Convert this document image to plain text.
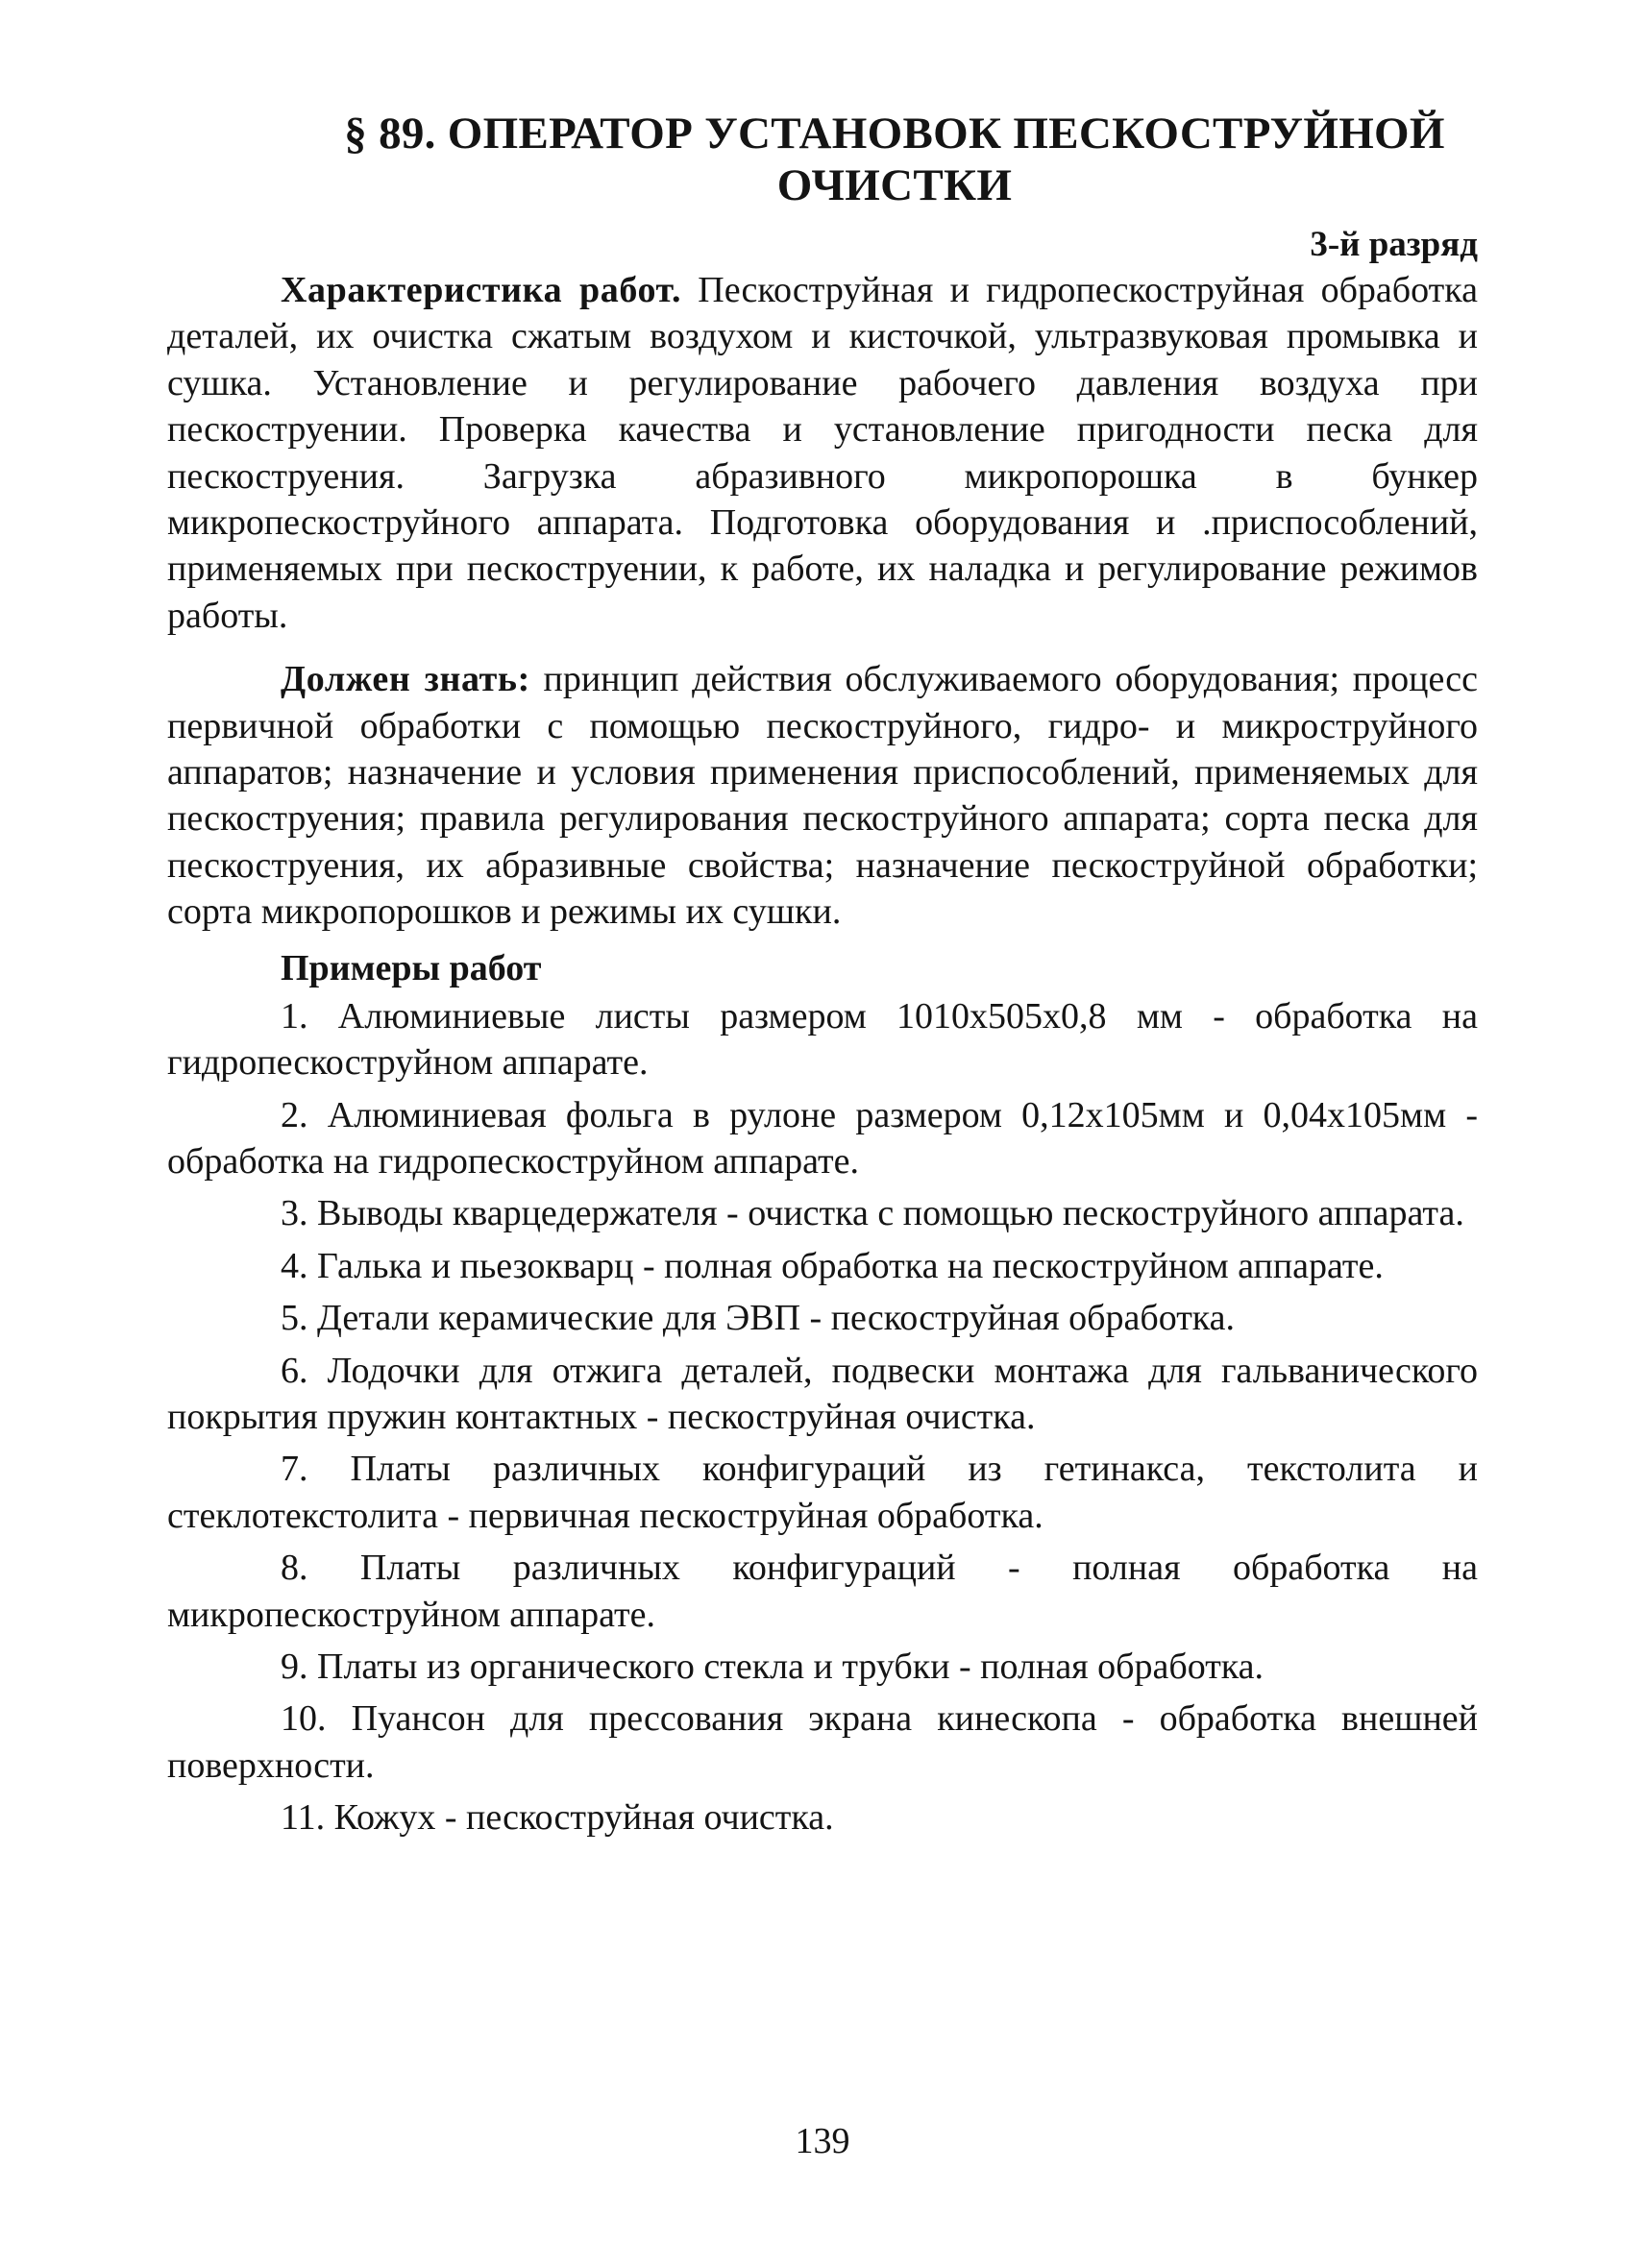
§ 89. ОПЕРАТОР УСТАНОВОК ПЕСКОСТРУЙНОЙ
ОЧИСТКИ
3-й разряд

Характеристика работ. Пескоструйная и гидропескоструйная обработка деталей, их очистка сжатым воздухом и кисточкой, ультразвуковая промывка и сушка. Установление и регулирование рабочего давления воздуха при пескоструении. Проверка качества и установление пригодности песка для пескоструения. Загрузка абразивного микропорошка в бункер микропескоструйного аппарата. Подготовка оборудования и .приспособлений, применяемых при пескоструении, к работе, их наладка и регулирование режимов работы.

Должен знать: принцип действия обслуживаемого оборудования; процесс первичной обработки с помощью пескоструйного, гидро- и микроструйного аппаратов; назначение и условия применения приспособлений, применяемых для пескоструения; правила регулирования пескоструйного аппарата; сорта песка для пескоструения, их абразивные свойства; назначение пескоструйной обработки; сорта микропорошков и режимы их сушки.

Примеры работ

1. Алюминиевые листы размером 1010x505x0,8 мм - обработка на гидропескоструйном аппарате.

2. Алюминиевая фольга в рулоне размером 0,12x105мм и 0,04x105мм - обработка на гидропескоструйном аппарате.

3. Выводы кварцедержателя - очистка с помощью пескоструйного аппарата.

4. Галька и пьезокварц - полная обработка на пескоструйном аппарате.

5. Детали керамические для ЭВП - пескоструйная обработка.

6. Лодочки для отжига деталей, подвески монтажа для гальванического покрытия пружин контактных - пескоструйная очистка.

7. Платы различных конфигураций из гетинакса, текстолита и стеклотекстолита - первичная пескоструйная обработка.

8. Платы различных конфигураций - полная обработка на микропескоструйном аппарате.

9. Платы из органического стекла и трубки - полная обработка.

10. Пуансон для прессования экрана кинескопа - обработка внешней поверхности.

11. Кожух - пескоструйная очистка.

139
